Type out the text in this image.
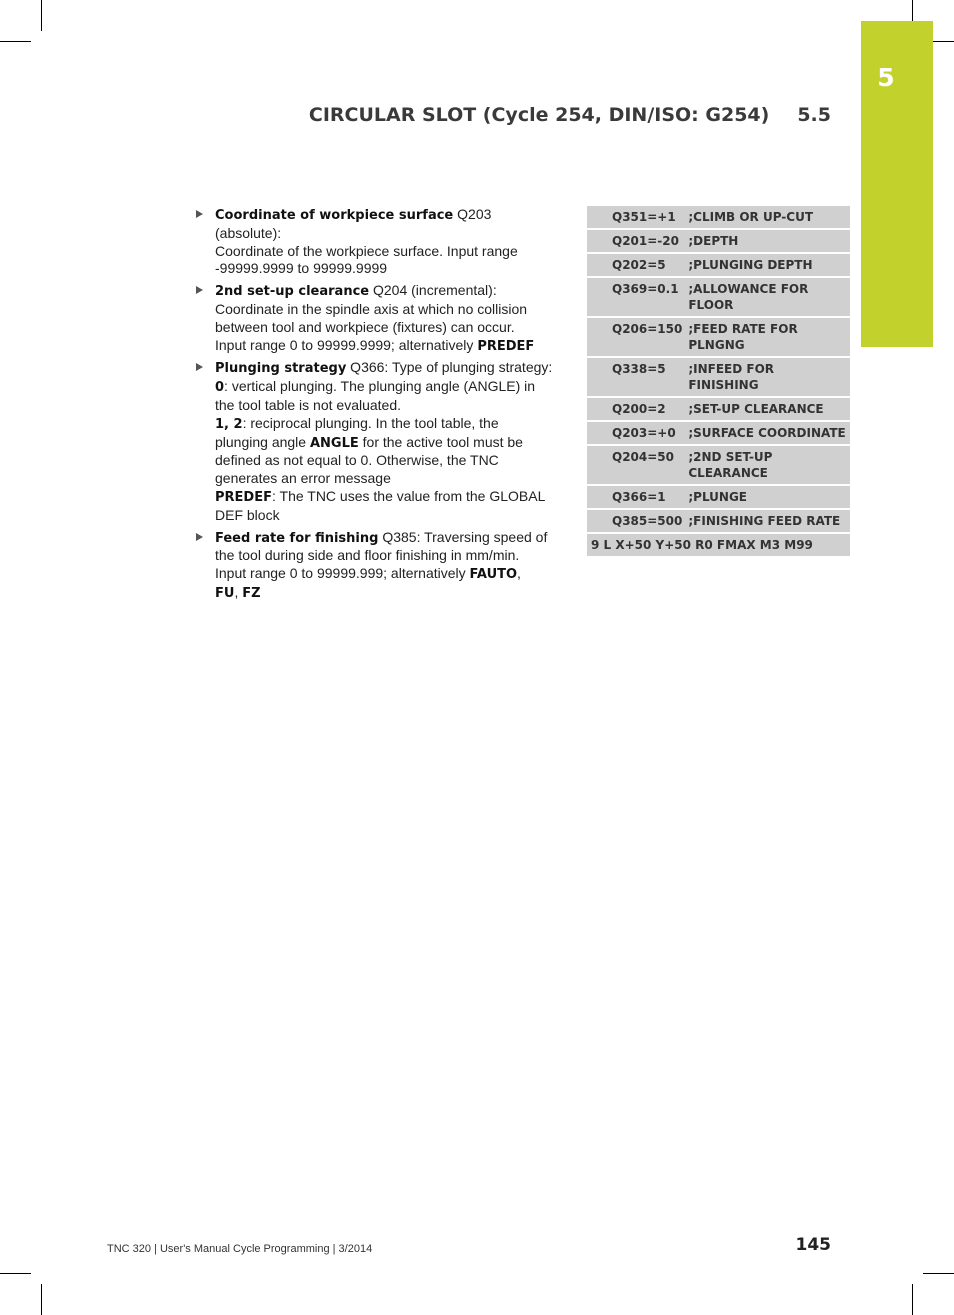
5
CIRCULAR SLOT (Cycle 254, DIN/ISO: G254) 5.5
Coordinate of workpiece surface Q203 (absolute):
Coordinate of the workpiece surface. Input range
-99999.9999 to 99999.9999
2nd set-up clearance Q204 (incremental):
Coordinate in the spindle axis at which no collision
between tool and workpiece (fixtures) can occur.
Input range 0 to 99999.9999; alternatively PREDEF
Plunging strategy Q366: Type of plunging strategy:
0: vertical plunging. The plunging angle (ANGLE) in
the tool table is not evaluated.
1, 2: reciprocal plunging. In the tool table, the
plunging angle ANGLE for the active tool must be
defined as not equal to 0. Otherwise, the TNC
generates an error message
PREDEF: The TNC uses the value from the GLOBAL
DEF block
Feed rate for finishing Q385: Traversing speed of
the tool during side and floor finishing in mm/min.
Input range 0 to 99999.999; alternatively FAUTO,
FU, FZ
Q351=+1	;CLIMB OR UP-CUT
Q201=-20	;DEPTH
Q202=5	;PLUNGING DEPTH
Q369=0.1	;ALLOWANCE FOR
FLOOR
Q206=150	;FEED RATE FOR
PLNGNG
Q338=5	;INFEED FOR FINISHING
Q200=2	;SET-UP CLEARANCE
Q203=+0	;SURFACE COORDINATE
Q204=50	;2ND SET-UP
CLEARANCE
Q366=1	;PLUNGE
Q385=500	;FINISHING FEED RATE
9 L X+50 Y+50 R0 FMAX M3 M99	
TNC 320 | User's Manual Cycle Programming | 3/2014	145
